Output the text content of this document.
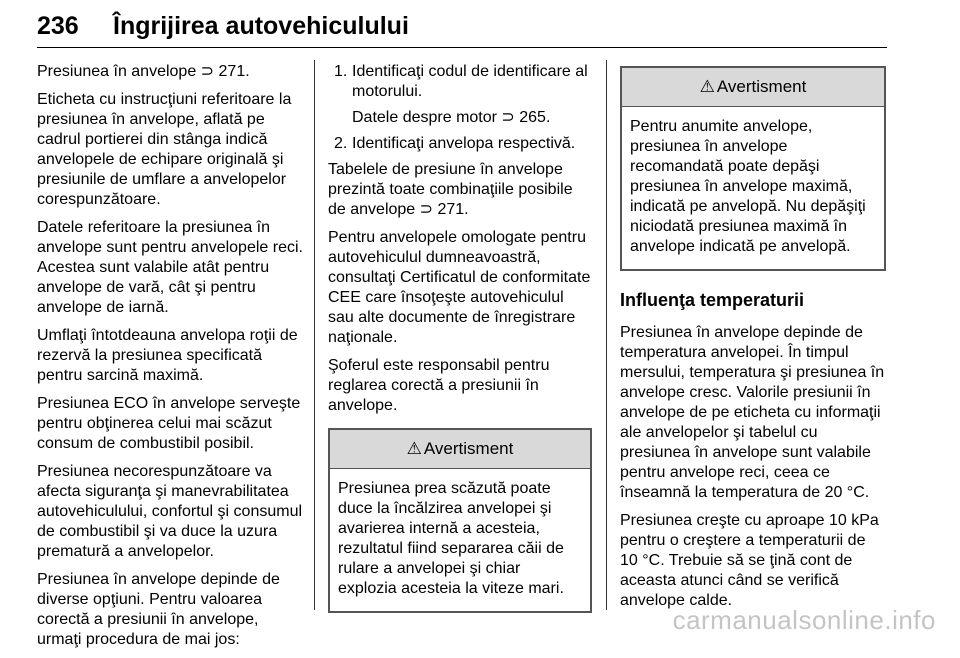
236 Îngrijirea autovehiculului

Presiunea în anvelope ⊃ 271.

Eticheta cu instrucţiuni referitoare la presiunea în anvelope, aflată pe cadrul portierei din stânga indică anvelopele de echipare originală şi presiunile de umflare a anvelopelor corespunzătoare.

Datele referitoare la presiunea în anvelope sunt pentru anvelopele reci. Acestea sunt valabile atât pentru anvelope de vară, cât şi pentru anvelope de iarnă.

Umflaţi întotdeauna anvelopa roţii de rezervă la presiunea specificată pentru sarcină maximă.

Presiunea ECO în anvelope serveşte pentru obţinerea celui mai scăzut consum de combustibil posibil.

Presiunea necorespunzătoare va afecta siguranţa şi manevrabilitatea autovehiculului, confortul şi consumul de combustibil şi va duce la uzura prematură a anvelopelor.

Presiunea în anvelope depinde de diverse opţiuni. Pentru valoarea corectă a presiunii în anvelope, urmaţi procedura de mai jos:

1. Identificaţi codul de identificare al motorului.
Datele despre motor ⊃ 265.
2. Identificaţi anvelopa respectivă.

Tabelele de presiune în anvelope prezintă toate combinaţiile posibile de anvelope ⊃ 271.

Pentru anvelopele omologate pentru autovehiculul dumneavoastră, consultaţi Certificatul de conformitate CEE care însoţeşte autovehiculul sau alte documente de înregistrare naţionale.

Şoferul este responsabil pentru reglarea corectă a presiunii în anvelope.

⚠ Avertisment
Presiunea prea scăzută poate duce la încălzirea anvelopei şi avarierea internă a acesteia, rezultatul fiind separarea căii de rulare a anvelopei şi chiar explozia acesteia la viteze mari.
⚠ Avertisment
Pentru anumite anvelope, presiunea în anvelope recomandată poate depăşi presiunea în anvelope maximă, indicată pe anvelopă. Nu depăşiţi niciodată presiunea maximă în anvelope indicată pe anvelopă.
Influenţa temperaturii

Presiunea în anvelope depinde de temperatura anvelopei. În timpul mersului, temperatura şi presiunea în anvelope cresc. Valorile presiunii în anvelope de pe eticheta cu informaţii ale anvelopelor şi tabelul cu presiunea în anvelope sunt valabile pentru anvelope reci, ceea ce înseamnă la temperatura de 20 °C.

Presiunea creşte cu aproape 10 kPa pentru o creştere a temperaturii de 10 °C. Trebuie să se ţină cont de aceasta atunci când se verifică anvelope calde.

carmanualsonline.info
